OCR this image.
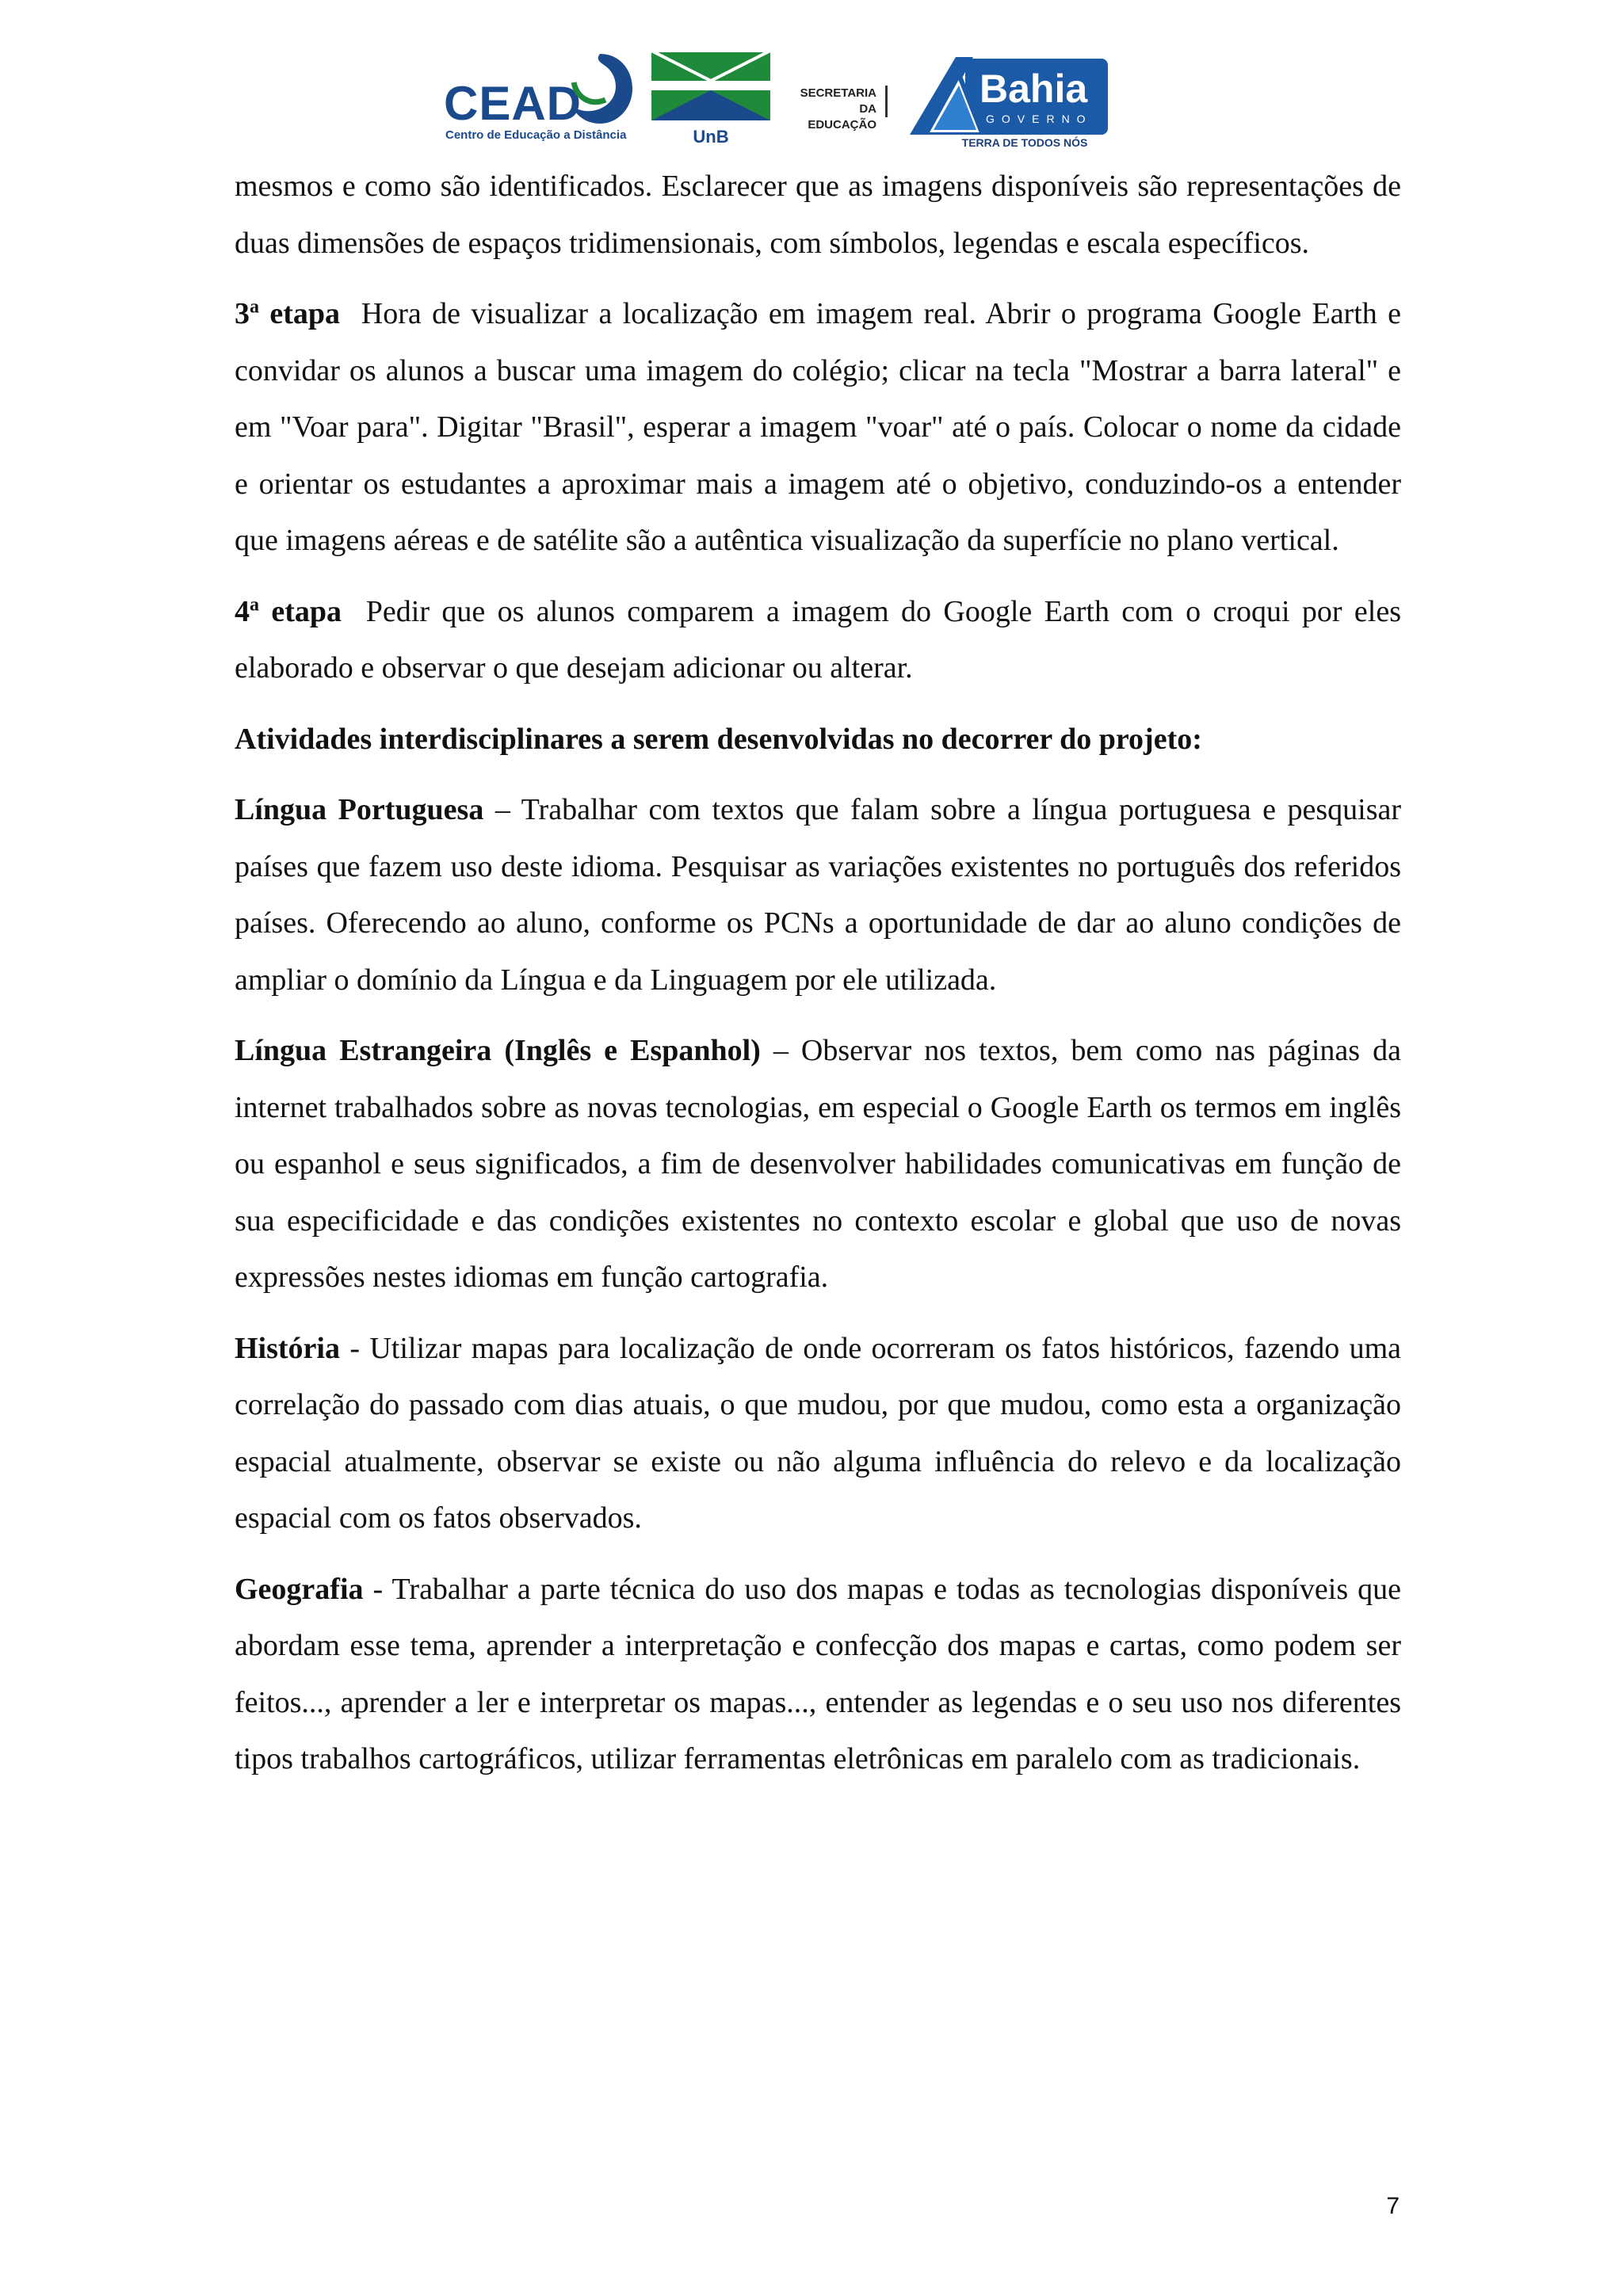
CEAD
Centro de Educação a Distância	UnB
SECRETARIA DA
EDUCAÇÃO
Bahia
GOVERNO
TERRA DE TODOS NÓS

mesmos e como são identificados. Esclarecer que as imagens disponíveis são representações de duas dimensões de espaços tridimensionais, com símbolos, legendas e escala específicos.

3$^a$ etapa Hora de visualizar a localização em imagem real. Abrir o programa Google Earth e convidar os alunos a buscar uma imagem do colégio; clicar na tecla "Mostrar a barra lateral" e em "Voar para". Digitar "Brasil", esperar a imagem "voar" até o país. Colocar o nome da cidade e orientar os estudantes a aproximar mais a imagem até o objetivo, conduzindo-os a entender que imagens aéreas e de satélite são a autêntica visualização da superfície no plano vertical.

4$^a$ etapa Pedir que os alunos comparem a imagem do Google Earth com o croqui por eles elaborado e observar o que desejam adicionar ou alterar.

Atividades interdisciplinares a serem desenvolvidas no decorrer do projeto:

Língua Portuguesa – Trabalhar com textos que falam sobre a língua portuguesa e pesquisar países que fazem uso deste idioma. Pesquisar as variações existentes no português dos referidos países. Oferecendo ao aluno, conforme os PCNs a oportunidade de dar ao aluno condições de ampliar o domínio da Língua e da Linguagem por ele utilizada.

Língua Estrangeira (Inglês e Espanhol) – Observar nos textos, bem como nas páginas da internet trabalhados sobre as novas tecnologias, em especial o Google Earth os termos em inglês ou espanhol e seus significados, a fim de desenvolver habilidades comunicativas em função de sua especificidade e das condições existentes no contexto escolar e global que uso de novas expressões nestes idiomas em função cartografia.

História - Utilizar mapas para localização de onde ocorreram os fatos históricos, fazendo uma correlação do passado com dias atuais, o que mudou, por que mudou, como esta a organização espacial atualmente, observar se existe ou não alguma influência do relevo e da localização espacial com os fatos observados.

Geografia - Trabalhar a parte técnica do uso dos mapas e todas as tecnologias disponíveis que abordam esse tema, aprender a interpretação e confecção dos mapas e cartas, como podem ser feitos..., aprender a ler e interpretar os mapas..., entender as legendas e o seu uso nos diferentes tipos trabalhos cartográficos, utilizar ferramentas eletrônicas em paralelo com as tradicionais.

7
